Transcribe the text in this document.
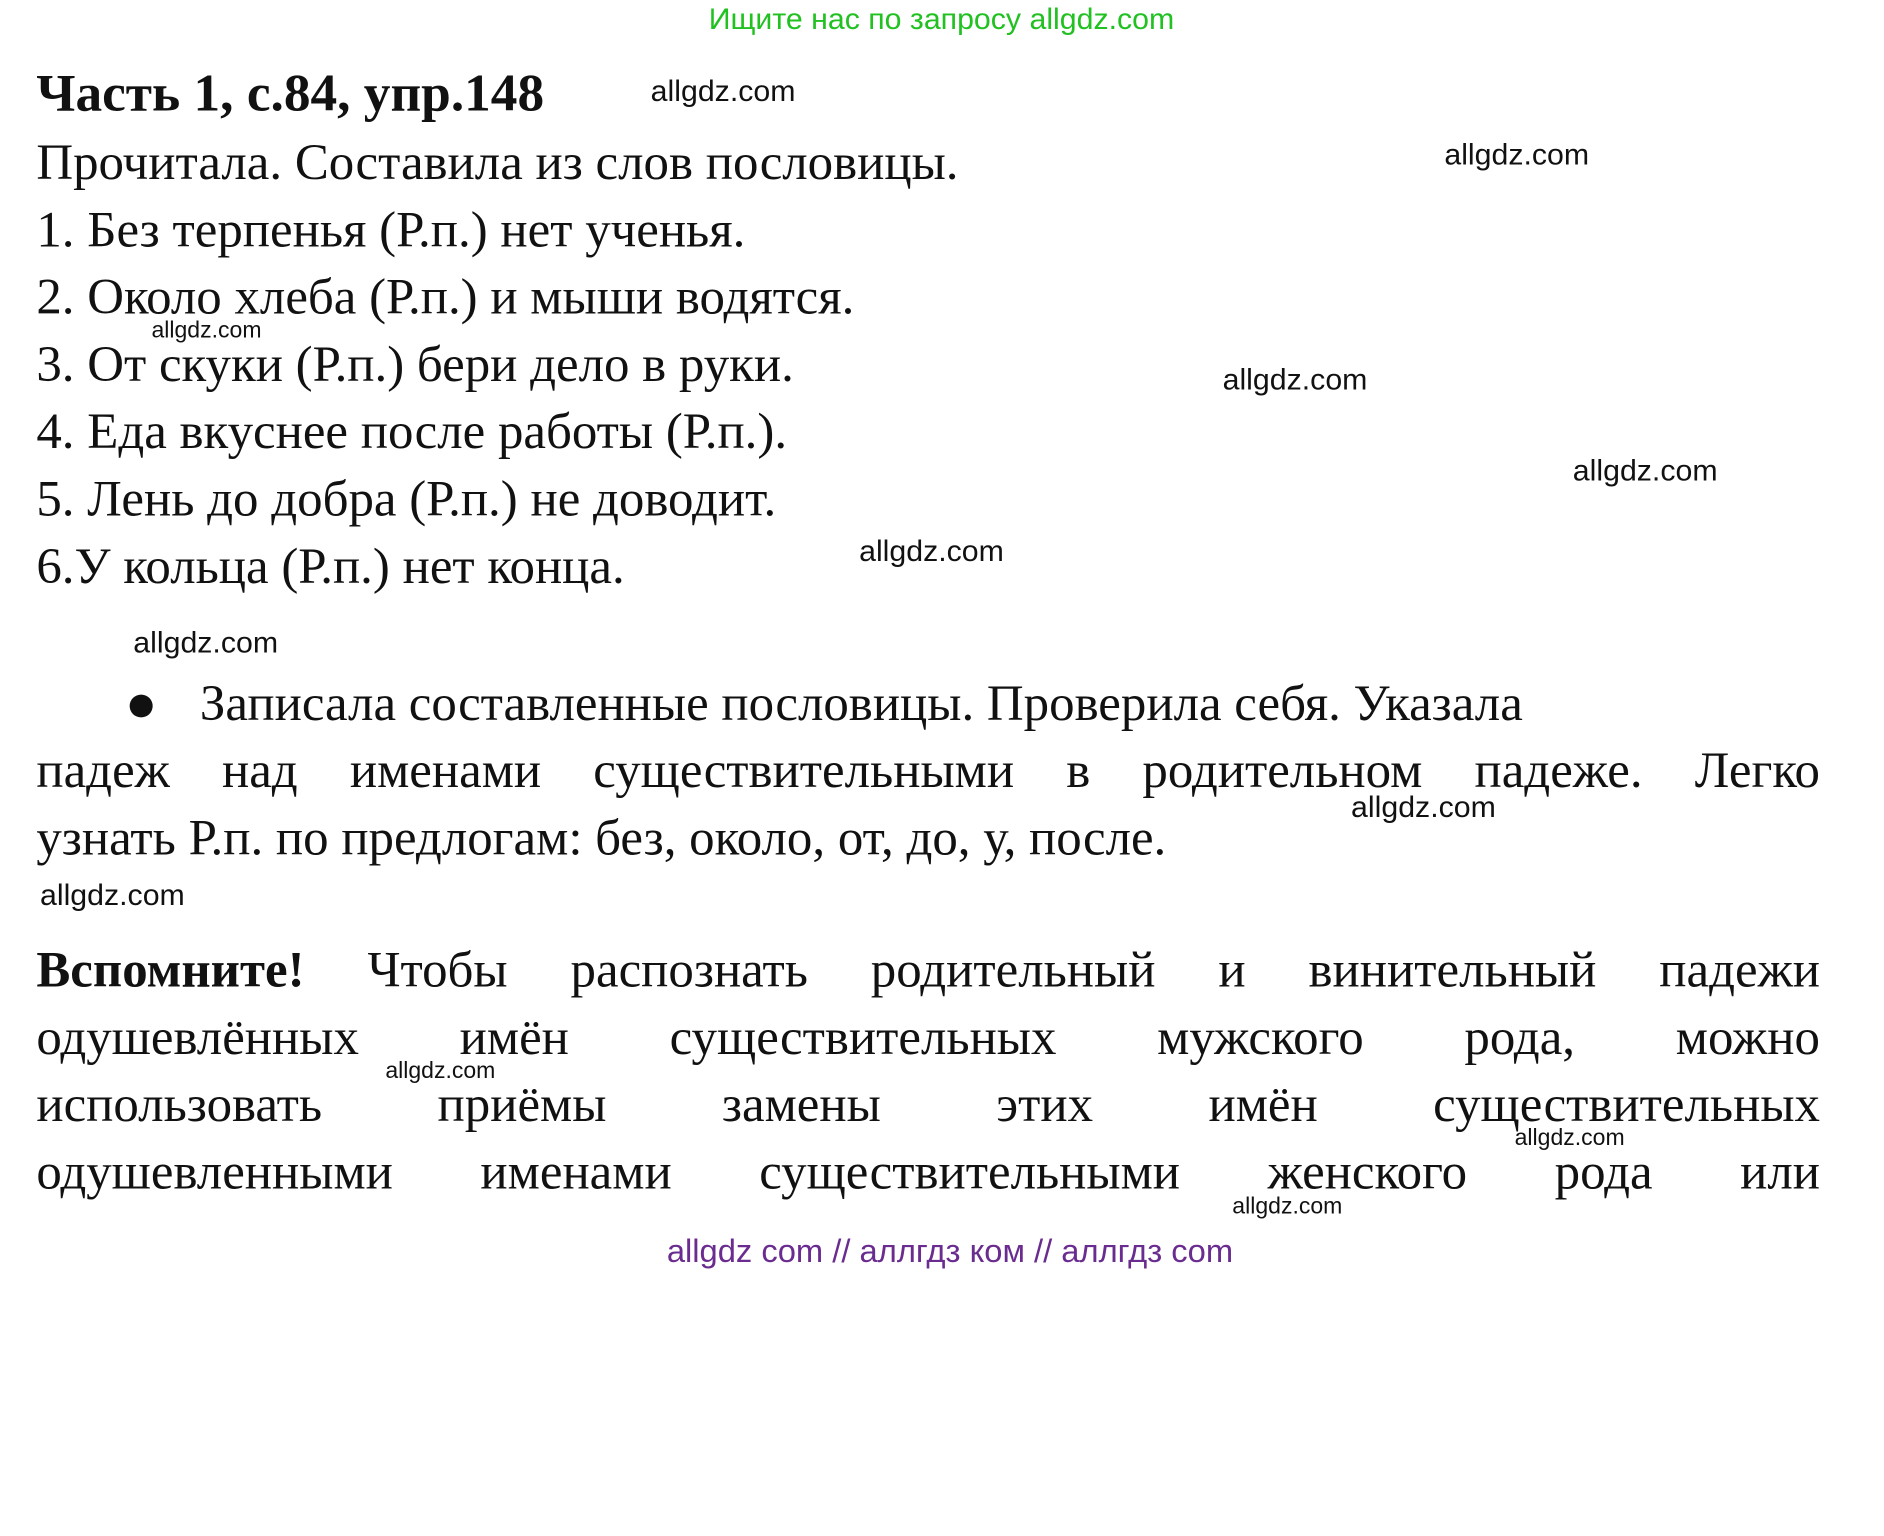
Ищите нас по запросу allgdz.com
Часть 1, с.84, упр.148
Прочитала. Составила из слов пословицы.
1. Без терпенья (Р.п.) нет ученья.
2. Около хлеба (Р.п.) и мыши водятся.
3. От скуки (Р.п.) бери дело в руки.
4. Еда вкуснее после работы (Р.п.).
5. Лень до добра (Р.п.) не доводит.
6.У кольца (Р.п.) нет конца.
Записала составленные пословицы. Проверила себя. Указала
падеж над именами существительными в родительном падеже. Легко
узнать Р.п. по предлогам: без, около, от, до, у, после.
Вспомните! Чтобы распознать родительный и винительный падежи
одушевлённых имён существительных мужского рода, можно
использовать приёмы замены этих имён существительных
одушевленными именами существительными женского рода или
allgdz.com
allgdz.com
allgdz.com
allgdz.com
allgdz.com
allgdz.com
allgdz.com
allgdz.com
allgdz.com
allgdz.com
allgdz.com
allgdz.com
allgdz com // аллгдз ком // аллгдз com
